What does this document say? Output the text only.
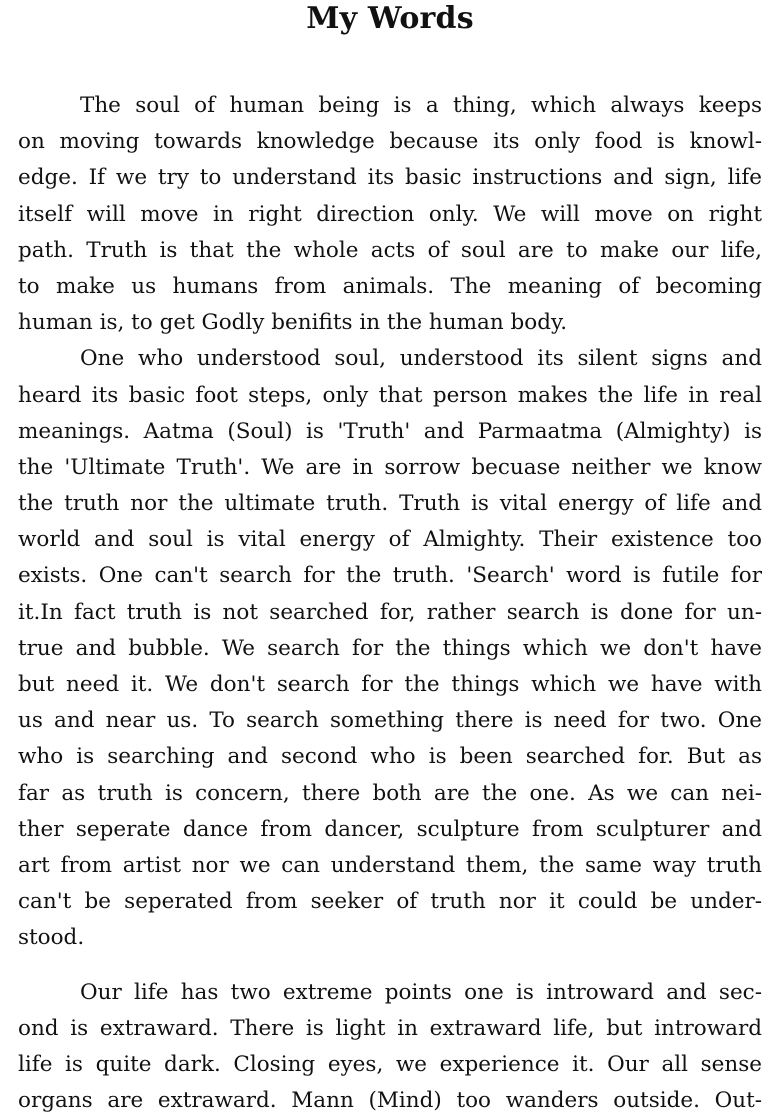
My Words

The soul of human being is a thing, which always keeps
on moving towards knowledge because its only food is knowl-
edge. If we try to understand its basic instructions and sign, life
itself will move in right direction only. We will move on right
path. Truth is that the whole acts of soul are to make our life,
to make us humans from animals. The meaning of becoming
human is, to get Godly benifits in the human body.

One who understood soul, understood its silent signs and
heard its basic foot steps, only that person makes the life in real
meanings. Aatma (Soul) is 'Truth' and Parmaatma (Almighty) is
the 'Ultimate Truth'. We are in sorrow becuase neither we know
the truth nor the ultimate truth. Truth is vital energy of life and
world and soul is vital energy of Almighty. Their existence too
exists. One can't search for the truth. 'Search' word is futile for
it.In fact truth is not searched for, rather search is done for un-
true and bubble. We search for the things which we don't have
but need it. We don't search for the things which we have with
us and near us. To search something there is need for two. One
who is searching and second who is been searched for. But as
far as truth is concern, there both are the one. As we can nei-
ther seperate dance from dancer, sculpture from sculpturer and
art from artist nor we can understand them, the same way truth
can't be seperated from seeker of truth nor it could be under-
stood.

Our life has two extreme points one is introward and sec-
ond is extraward. There is light in extraward life, but introward
life is quite dark. Closing eyes, we experience it. Our all sense
organs are extraward. Mann (Mind) too wanders outside. Out-
